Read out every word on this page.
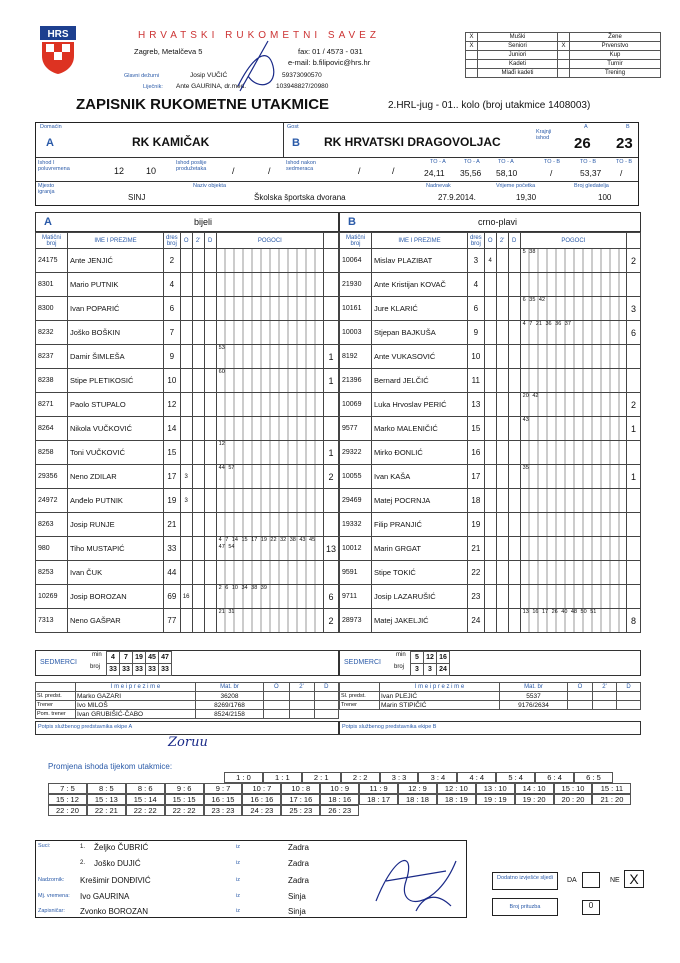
HRS	HRVATSKI RUKOMETNI SAVEZ
Zagreb, Metalčeva 5	fax: 01 / 4573 - 031
e-mail: b.filipovic@hrs.hr
Glavni dežurni	Josip VUČIĆ	59373090570
Liječnik: Ante GAURINA, dr.med.	103948827/20980
ZAPISNIK RUKOMETNE UTAKMICE	2.HRL-jug - 01.. kolo (broj utakmice 1408003)
X	Muški		Žene
X	Seniori	X	Prvenstvo
	Juniori		Kup
	Kadeti		Turnir
	Mlađi kadeti		Trening
Domaćin
A	RK KAMIČAK
Gost
B RK HRVATSKI DRAGOVOLJAC
Krajnji ishod
A	B
26 23
Ishod I poluvremena	12 10
Ishod poslije produžetaka	/	/
Ishod nakon sedmeraca	/	/
TO - A	TO - A	TO - A
24,11 35,56 58,10
TO - B	TO - B	TO - B
/	53,37 /
Mjesto igranja
SINJ
Naziv objekta
Školska športska dvorana
Nadnevak
27.9.2014.
Vrijeme početka
19,30
Broj gledatelja
100
A	bijeli	B	crno-plavi
Matični broj	IME I PREZIME	dres broj	O	2'	D	POGOCI	
24175	Ante JENJIĆ	2					
8301	Mario PUTNIK	4					
8300	Ivan POPARIĆ	6					
8232	Joško BOŠKIN	7					
8237	Damir ŠIMLEŠA	9				53	1
8238	Stipe PLETIKOSIĆ	10				60	1
8271	Paolo STUPALO	12					
8264	Nikola VUČKOVIĆ	14					
8258	Toni VUČKOVIĆ	15				12	1
29356	Neno ZDILAR	17	3			44 57	2
24972	Anđelo PUTNIK	19	3				
8263	Josip RUNJE	21					
980	Tiho MUSTAPIĆ	33				4 7 14 15 17 19 22 32 38 43 45 47 54	13
8253	Ivan ČUK	44					
10269	Josip BOROZAN	69	16			2 6 10 34 38 39	6
7313	Neno GAŠPAR	77				21 31	2
Matični broj	IME I PREZIME	dres broj	O	2'	D	POGOCI	
10064	Mislav PLAZIBAT	3	4			5 38	2
21930	Ante Kristijan KOVAČ	4					
10161	Jure KLARIĆ	6				6 35 42	3
10003	Stjepan BAJKUŠA	9				4 7 21 36 36 37	6
8192	Ante VUKASOVIĆ	10					
21396	Bernard JELČIĆ	11					
10069	Luka Hrvoslav PERIĆ	13				20 42	2
9577	Marko MALENIČIĆ	15				43	1
29322	Mirko ĐONLIĆ	16					
10055	Ivan KAŠA	17				35	1
29469	Matej POCRNJA	18					
19332	Filip PRANJIĆ	19					
10012	Marin GRGAT	21					
9591	Stipe TOKIĆ	22					
9711	Josip LAZARUŠIĆ	23					
28973	Matej JAKELJIĆ	24				13 16 17 26 40 48 50 51	8
SEDMERCI
min
broj
4	7	19	45	47
33	33	33	33	33
SEDMERCI
min
broj
5	12	16
3	3	24
	I m e i p r e z i m e	Mat. br	O	2'	D
Sl. predst.	Marko GAZARI	36208			
Trener	Ivo MILOŠ	8269/1768			
Pom. trener	Ivan GRUBIŠIĆ-ČABO	8524/2158			
Potpis službenog predstavnika ekipe A
Zoruu
	I m e i p r e z i m e	Mat. br	O	2'	D
Sl. predst.	Ivan PLEJIĆ	5537			
Trener	Marin STIPIČIĆ	9176/2634			
Potpis službenog predstavnika ekipe B
Promjena ishoda tijekom utakmice:
1 : 0	1 : 1	2 : 1	2 : 2	3 : 3	3 : 4	4 : 4	5 : 4	6 : 4	6 : 5
7 : 5	8 : 5	8 : 6	9 : 6	9 : 7	10 : 7	10 : 8	10 : 9	11 : 9	12 : 9	12 : 10	13 : 10	14 : 10	15 : 10	15 : 11
15 : 12	15 : 13	15 : 14	15 : 15	16 : 15	16 : 16	17 : 16	18 : 16	18 : 17	18 : 18	18 : 19	19 : 19	19 : 20	20 : 20	21 : 20
22 : 20	22 : 21	22 : 22	22 : 22	23 : 23	24 : 23	25 : 23	26 : 23
Suci:	1. Željko ČUBRIĆ	iz	Zadra
2. Joško DUJIĆ	iz	Zadra
Nadzornik: Krešimir DONĐIVIĆ	iz	Zadra
Mj. vremena: Ivo GAURINA	iz	Sinja
Zapisničar: Zvonko BOROZAN	iz	Sinja
Dodatno izvješće sljedi	DA	NE X
Broj prituzba	0
